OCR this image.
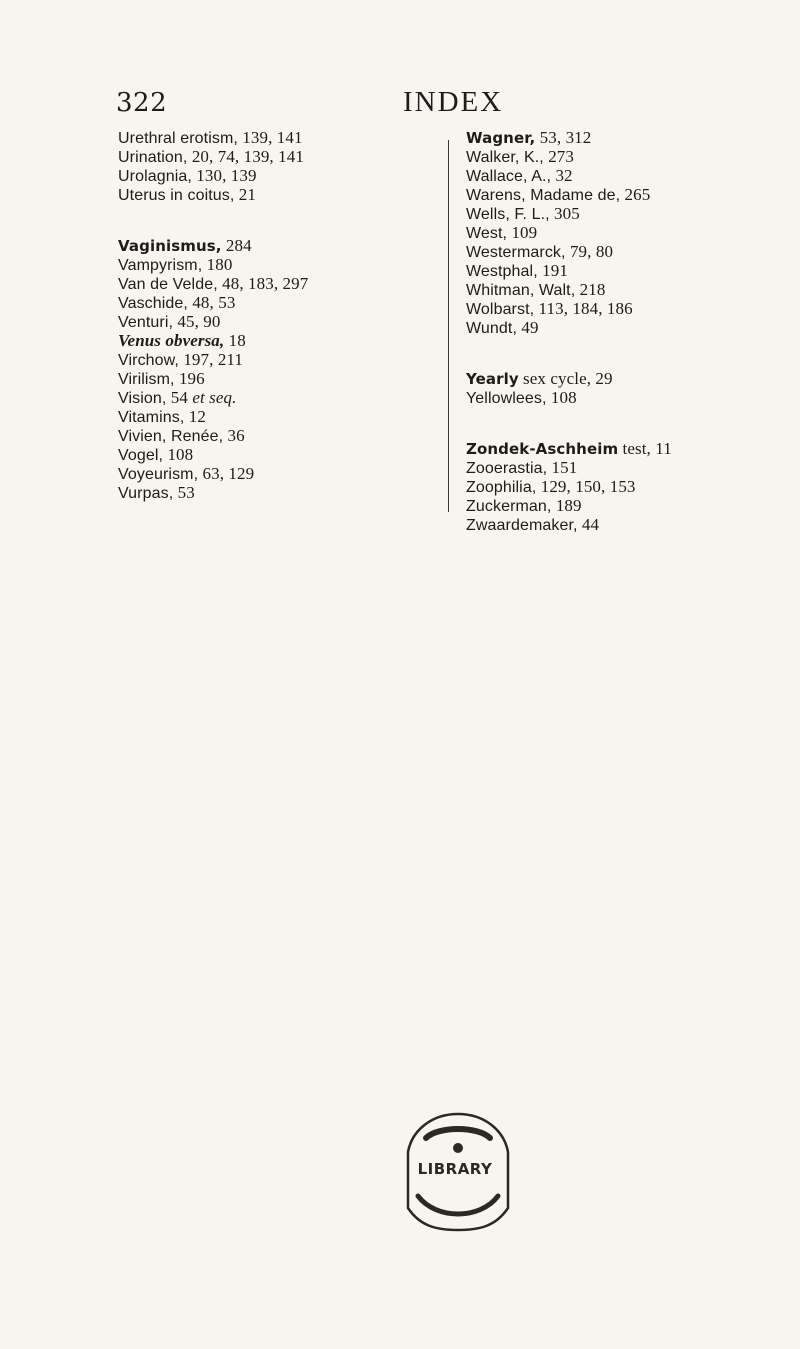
322	INDEX
Urethral erotism, 139, 141
Urination, 20, 74, 139, 141
Urolagnia, 130, 139
Uterus in coitus, 21
Vaginismus, 284
Vampyrism, 180
Van de Velde, 48, 183, 297
Vaschide, 48, 53
Venturi, 45, 90
Venus obversa, 18
Virchow, 197, 211
Virilism, 196
Vision, 54 et seq.
Vitamins, 12
Vivien, Renée, 36
Vogel, 108
Voyeurism, 63, 129
Vurpas, 53
Wagner, 53, 312
Walker, K., 273
Wallace, A., 32
Warens, Madame de, 265
Wells, F. L., 305
West, 109
Westermarck, 79, 80
Westphal, 191
Whitman, Walt, 218
Wolbarst, 113, 184, 186
Wundt, 49
Yearly sex cycle, 29
Yellowlees, 108
Zondek-Aschheim test, 11
Zooerastia, 151
Zoophilia, 129, 150, 153
Zuckerman, 189
Zwaardemaker, 44
LIBRARY
